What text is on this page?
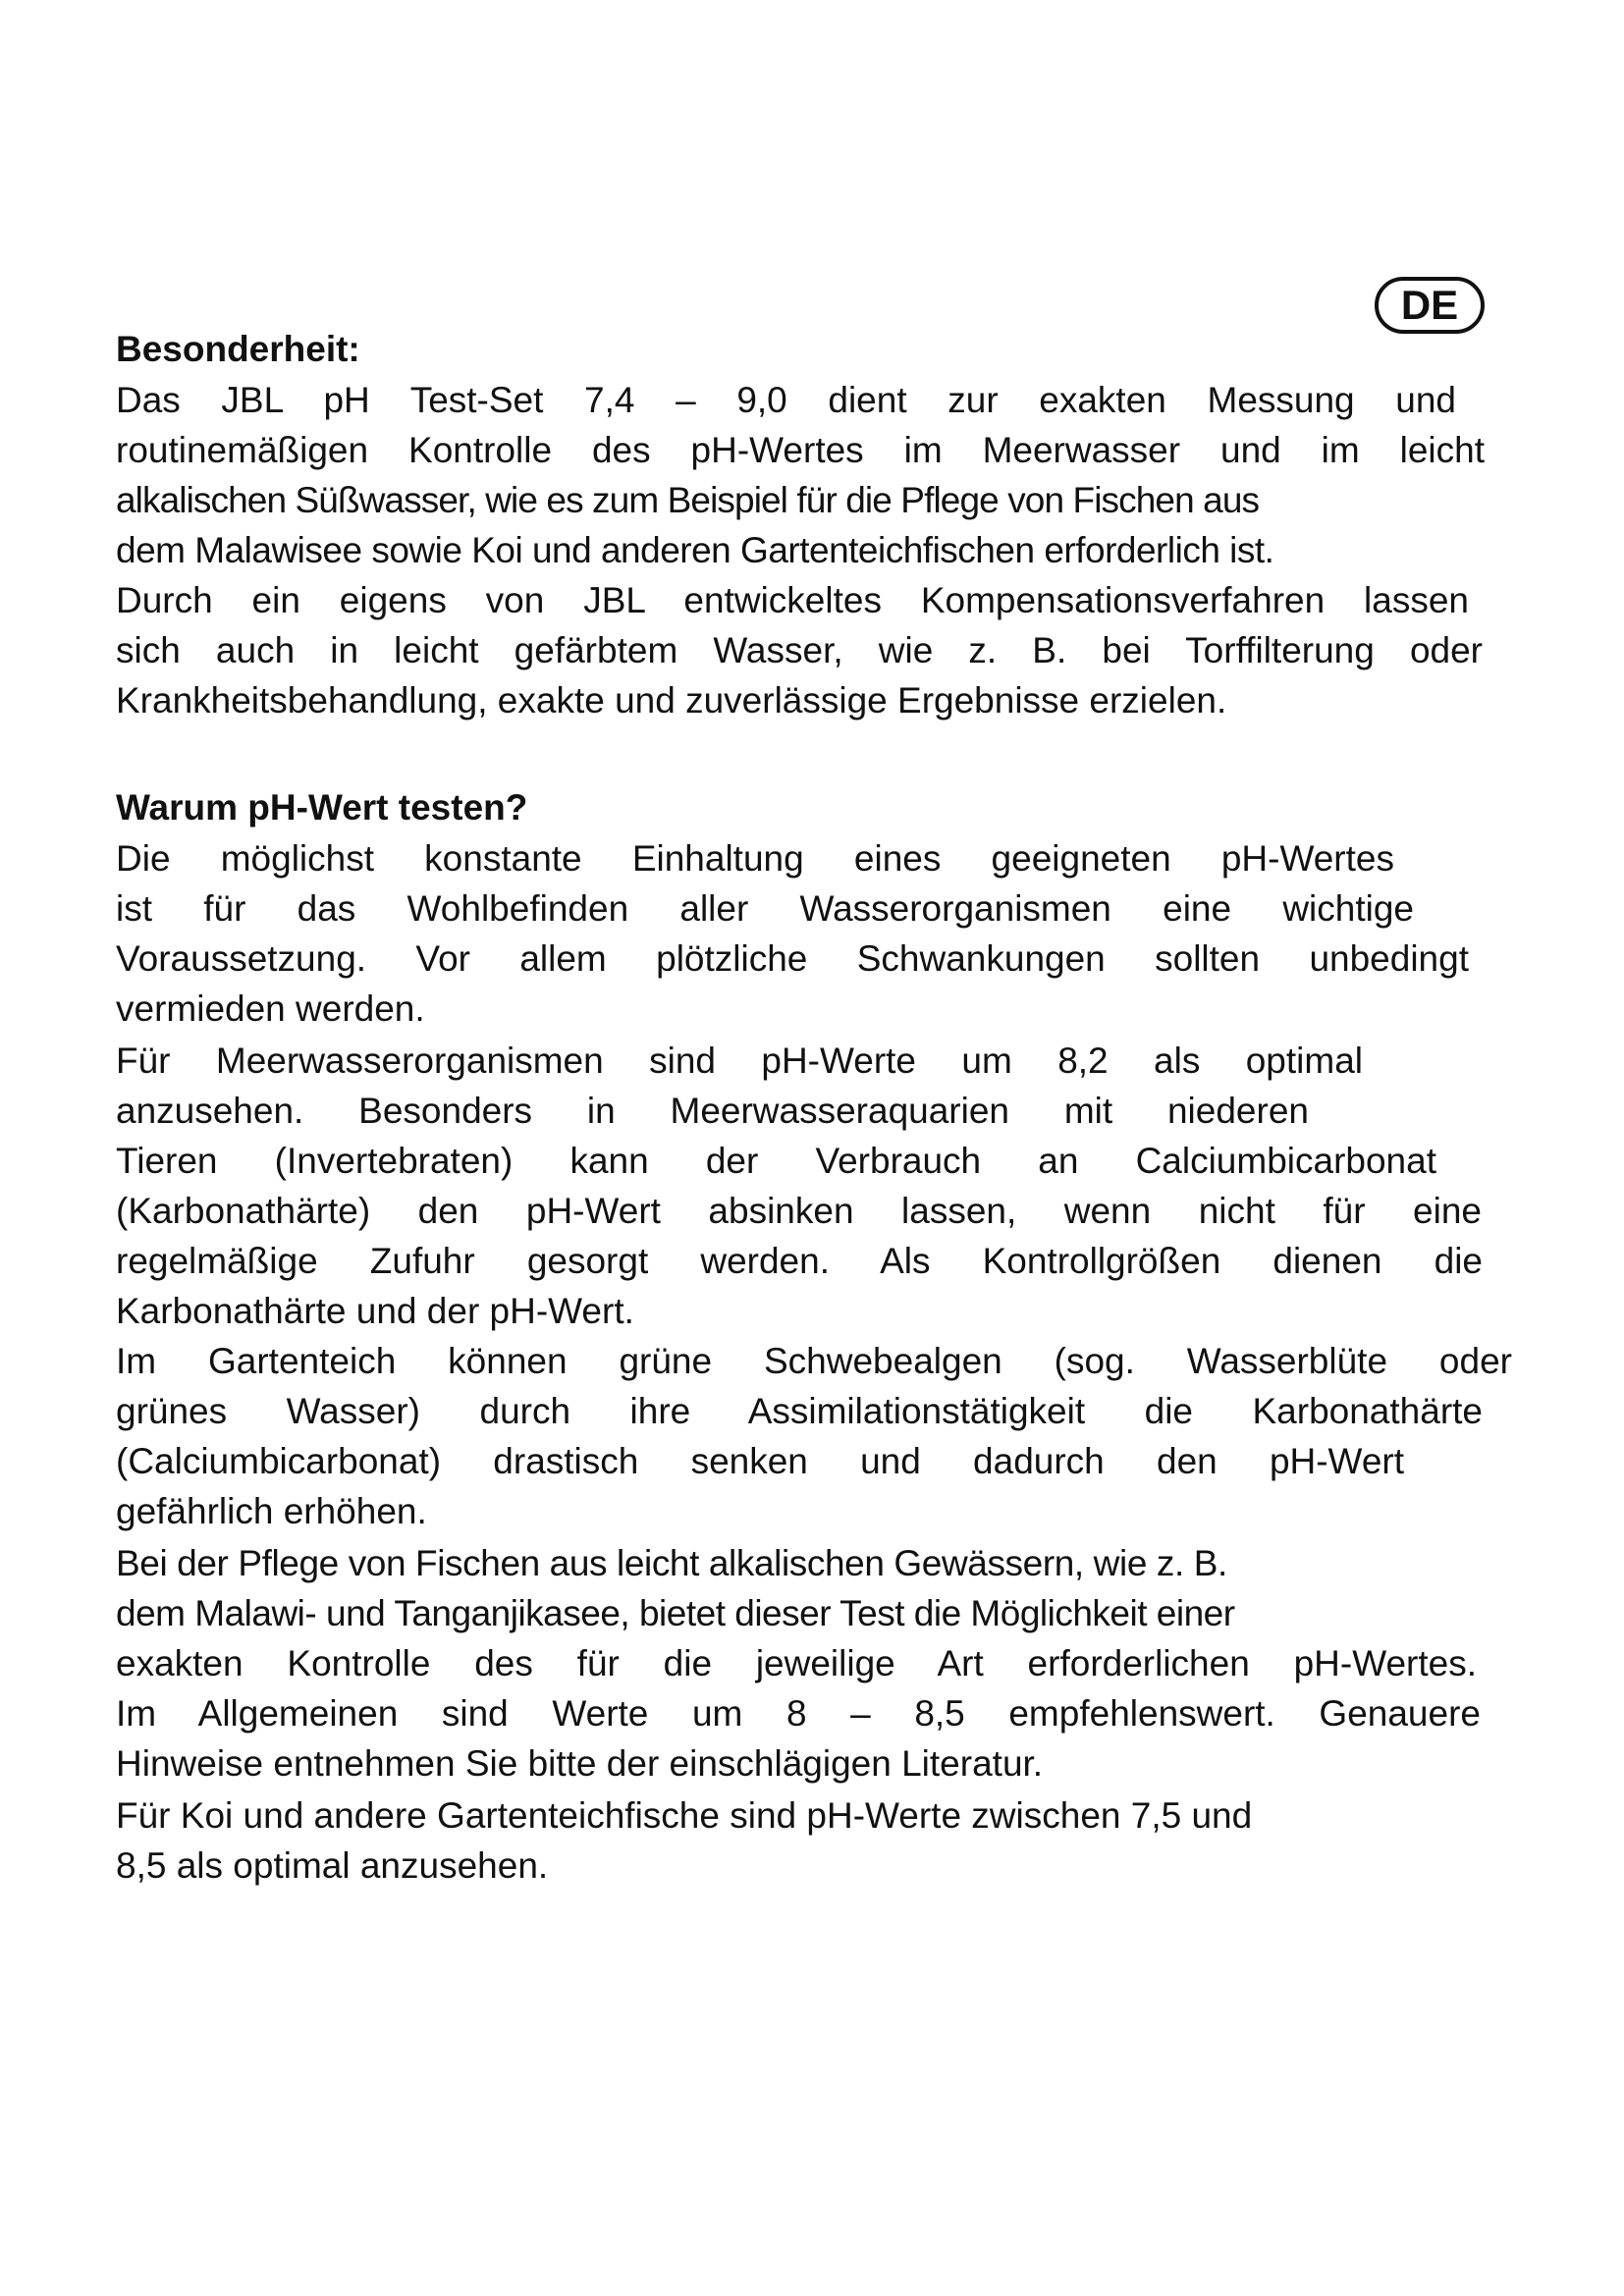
DE
Besonderheit:
Das JBL pH Test-Set 7,4 – 9,0 dient zur exakten Messung und
routinemäßigen Kontrolle des pH-Wertes im Meerwasser und im leicht
alkalischen Süßwasser, wie es zum Beispiel für die Pflege von Fischen aus
dem Malawisee sowie Koi und anderen Gartenteichfischen erforderlich ist.
Durch ein eigens von JBL entwickeltes Kompensationsverfahren lassen
sich auch in leicht gefärbtem Wasser, wie z. B. bei Torffilterung oder
Krankheitsbehandlung, exakte und zuverlässige Ergebnisse erzielen.
Warum pH-Wert testen?
Die möglichst konstante Einhaltung eines geeigneten pH-Wertes
ist für das Wohlbefinden aller Wasserorganismen eine wichtige
Voraussetzung. Vor allem plötzliche Schwankungen sollten unbedingt
vermieden werden.
Für Meerwasserorganismen sind pH-Werte um 8,2 als optimal
anzusehen. Besonders in Meerwasseraquarien mit niederen
Tieren (Invertebraten) kann der Verbrauch an Calciumbicarbonat
(Karbonathärte) den pH-Wert absinken lassen, wenn nicht für eine
regelmäßige Zufuhr gesorgt werden. Als Kontrollgrößen dienen die
Karbonathärte und der pH-Wert.
Im Gartenteich können grüne Schwebealgen (sog. Wasserblüte oder
grünes Wasser) durch ihre Assimilationstätigkeit die Karbonathärte
(Calciumbicarbonat) drastisch senken und dadurch den pH-Wert
gefährlich erhöhen.
Bei der Pflege von Fischen aus leicht alkalischen Gewässern, wie z. B.
dem Malawi- und Tanganjikasee, bietet dieser Test die Möglichkeit einer
exakten Kontrolle des für die jeweilige Art erforderlichen pH-Wertes.
Im Allgemeinen sind Werte um 8 – 8,5 empfehlenswert. Genauere
Hinweise entnehmen Sie bitte der einschlägigen Literatur.
Für Koi und andere Gartenteichfische sind pH-Werte zwischen 7,5 und
8,5 als optimal anzusehen.
